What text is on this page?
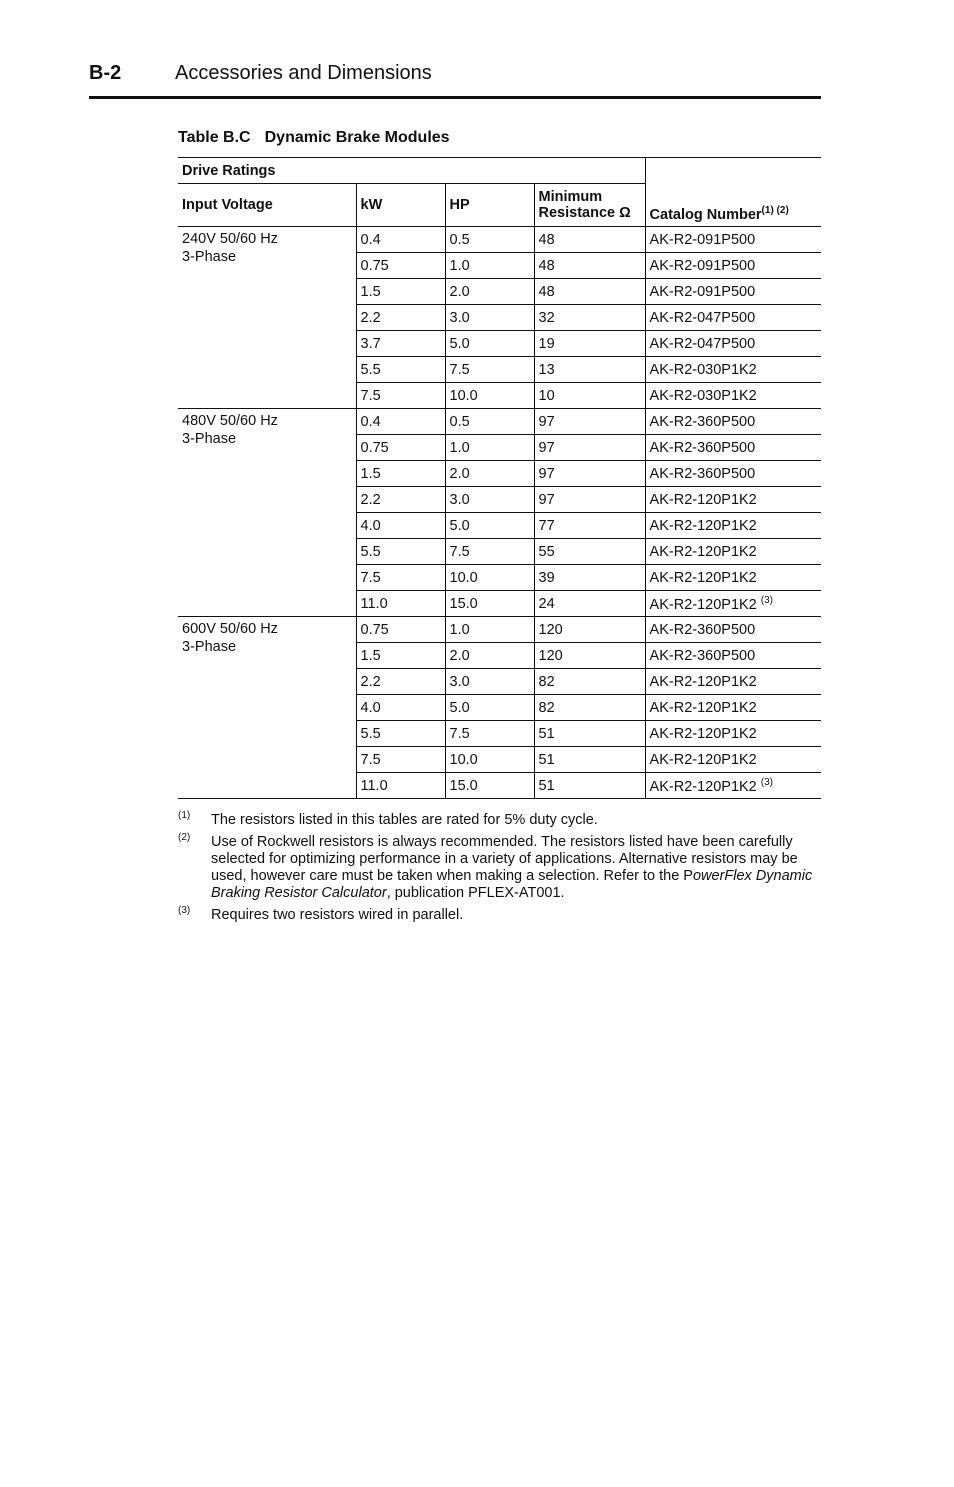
B-2	Accessories and Dimensions
Table B.C Dynamic Brake Modules
Drive Ratings				Catalog Number$^{(1) (2)}$
Input Voltage	kW	HP	Minimum
Resistance Ω	
240V 50/60 Hz
3-Phase	0.4	0.5	48	AK-R2-091P500
	0.75	1.0	48	AK-R2-091P500
	1.5	2.0	48	AK-R2-091P500
	2.2	3.0	32	AK-R2-047P500
	3.7	5.0	19	AK-R2-047P500
	5.5	7.5	13	AK-R2-030P1K2
	7.5	10.0	10	AK-R2-030P1K2
480V 50/60 Hz
3-Phase	0.4	0.5	97	AK-R2-360P500
	0.75	1.0	97	AK-R2-360P500
	1.5	2.0	97	AK-R2-360P500
	2.2	3.0	97	AK-R2-120P1K2
	4.0	5.0	77	AK-R2-120P1K2
	5.5	7.5	55	AK-R2-120P1K2
	7.5	10.0	39	AK-R2-120P1K2
	11.0	15.0	24	AK-R2-120P1K2 $^{(3)}$
600V 50/60 Hz
3-Phase	0.75	1.0	120	AK-R2-360P500
	1.5	2.0	120	AK-R2-360P500
	2.2	3.0	82	AK-R2-120P1K2
	4.0	5.0	82	AK-R2-120P1K2
	5.5	7.5	51	AK-R2-120P1K2
	7.5	10.0	51	AK-R2-120P1K2
	11.0	15.0	51	AK-R2-120P1K2 $^{(3)}$
(1) The resistors listed in this tables are rated for 5% duty cycle.
(2) Use of Rockwell resistors is always recommended. The resistors listed have been carefully selected for optimizing performance in a variety of applications. Alternative resistors may be used, however care must be taken when making a selection. Refer to the PowerFlex Dynamic Braking Resistor Calculator, publication PFLEX-AT001.
(3) Requires two resistors wired in parallel.
